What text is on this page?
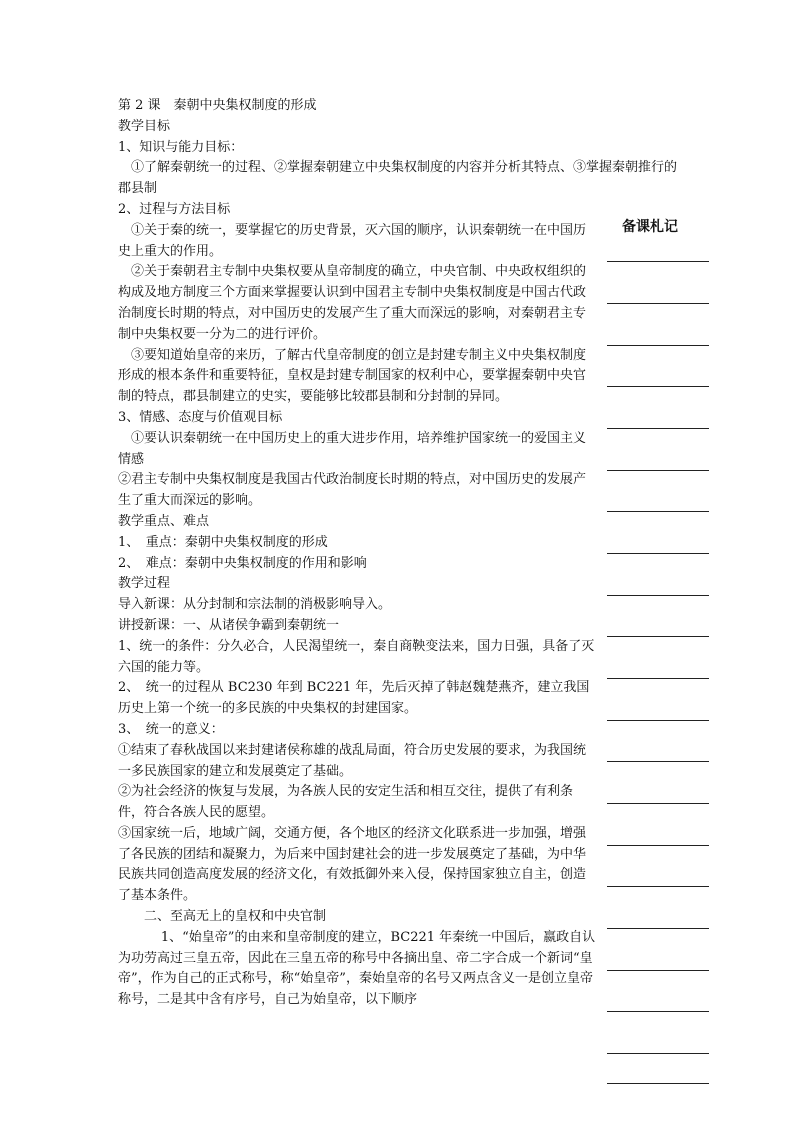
第 2 课　秦朝中央集权制度的形成

教学目标

1、知识与能力目标：

①了解秦朝统一的过程、②掌握秦朝建立中央集权制度的内容并分析其特点、③掌握秦朝推行的郡县制

2、过程与方法目标

①关于秦的统一，要掌握它的历史背景，灭六国的顺序，认识秦朝统一在中国历史上重大的作用。

②关于秦朝君主专制中央集权要从皇帝制度的确立，中央官制、中央政权组织的构成及地方制度三个方面来掌握要认识到中国君主专制中央集权制度是中国古代政治制度长时期的特点，对中国历史的发展产生了重大而深远的影响，对秦朝君主专制中央集权要一分为二的进行评价。

③要知道始皇帝的来历，了解古代皇帝制度的创立是封建专制主义中央集权制度形成的根本条件和重要特征，皇权是封建专制国家的权利中心，要掌握秦朝中央官制的特点，郡县制建立的史实，要能够比较郡县制和分封制的异同。

3、情感、态度与价值观目标

①要认识秦朝统一在中国历史上的重大进步作用，培养维护国家统一的爱国主义情感

②君主专制中央集权制度是我国古代政治制度长时期的特点，对中国历史的发展产生了重大而深远的影响。

教学重点、难点

1、　重点：秦朝中央集权制度的形成

2、　难点：秦朝中央集权制度的作用和影响

教学过程

导入新课：从分封制和宗法制的消极影响导入。

讲授新课：一、从诸侯争霸到秦朝统一

1、统一的条件：分久必合，人民渴望统一，秦自商鞅变法来，国力日强，具备了灭六国的能力等。

2、　统一的过程从 BC230 年到 BC221 年，先后灭掉了韩赵魏楚燕齐，建立我国历史上第一个统一的多民族的中央集权的封建国家。

3、　统一的意义：

①结束了春秋战国以来封建诸侯称雄的战乱局面，符合历史发展的要求，为我国统一多民族国家的建立和发展奠定了基础。

②为社会经济的恢复与发展，为各族人民的安定生活和相互交往，提供了有利条件，符合各族人民的愿望。

③国家统一后，地域广阔，交通方便，各个地区的经济文化联系进一步加强，增强了各民族的团结和凝聚力，为后来中国封建社会的进一步发展奠定了基础，为中华民族共同创造高度发展的经济文化，有效抵御外来入侵，保持国家独立自主，创造了基本条件。

二、至高无上的皇权和中央官制

1、“始皇帝”的由来和皇帝制度的建立，BC221 年秦统一中国后，嬴政自认为功劳高过三皇五帝，因此在三皇五帝的称号中各摘出皇、帝二字合成一个新词“皇帝”，作为自己的正式称号，称“始皇帝”，秦始皇帝的名号又两点含义一是创立皇帝称号，二是其中含有序号，自己为始皇帝，以下顺序

备课札记
